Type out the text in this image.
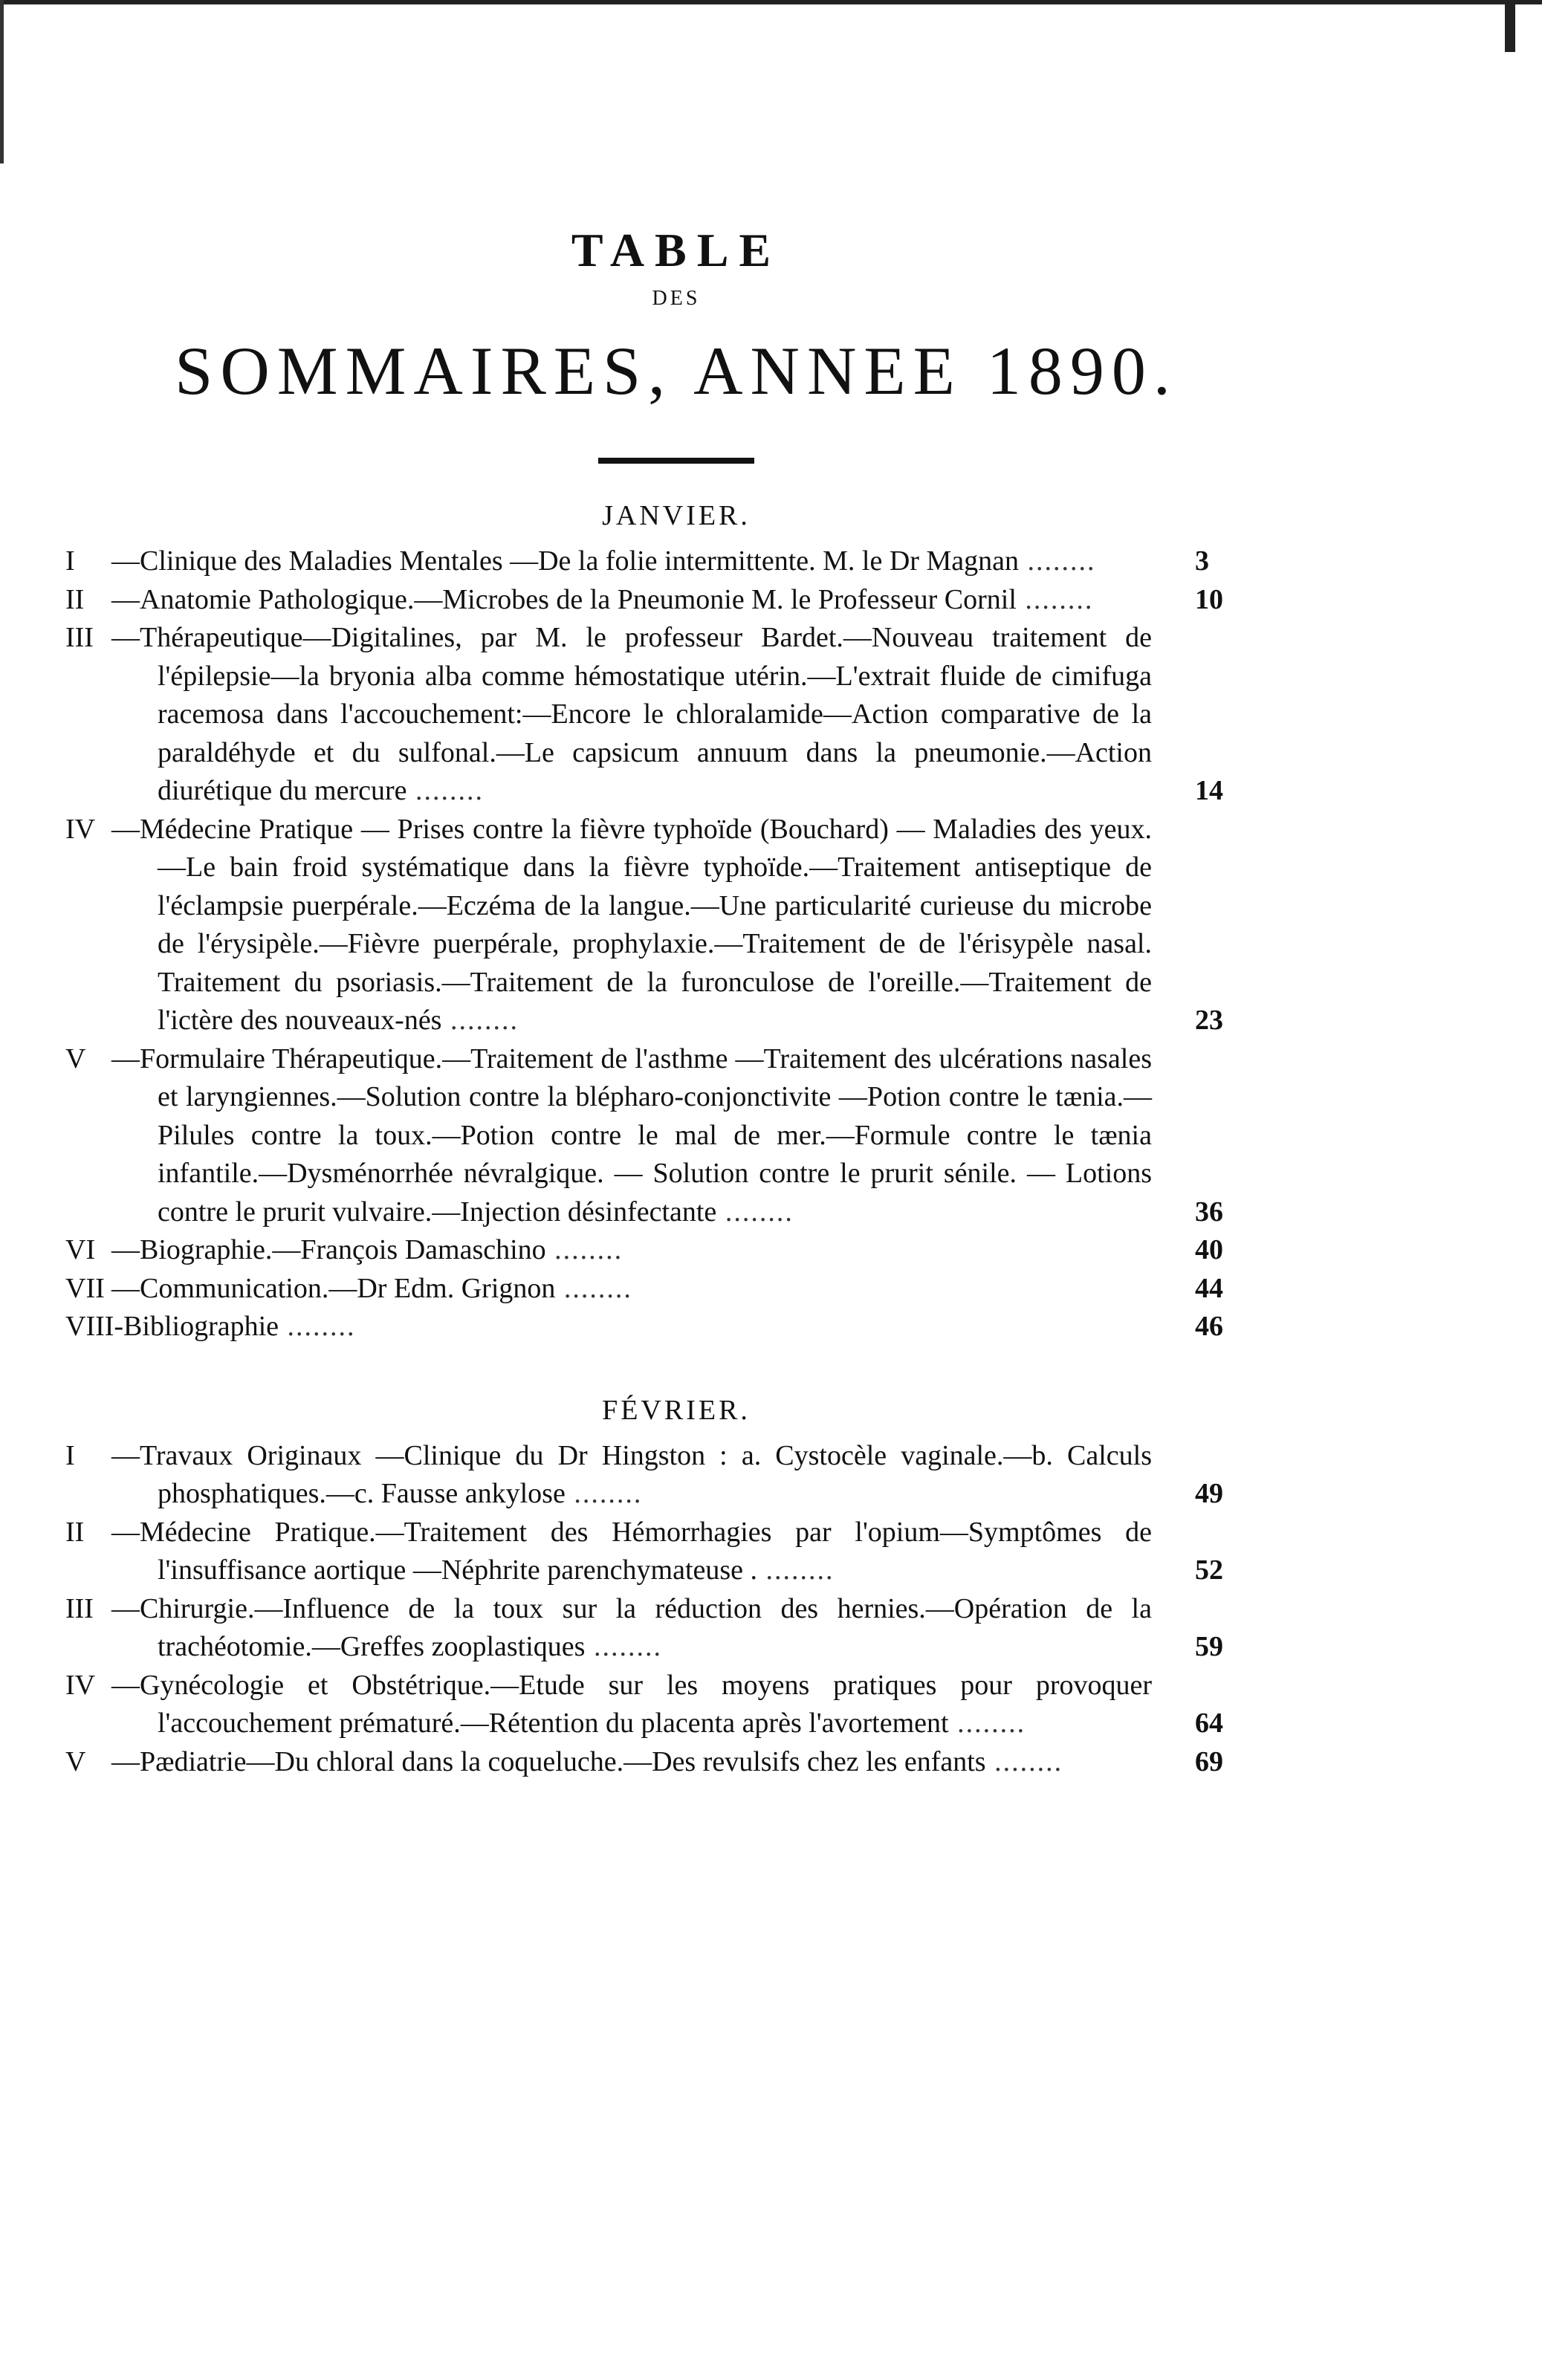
TABLE
DES
SOMMAIRES, ANNEE 1890.
JANVIER.
I —Clinique des Maladies Mentales —De la folie intermittente. M. le Dr Magnan ........	3
II —Anatomie Pathologique.—Microbes de la Pneumonie M. le Professeur Cornil ........	10
III —Thérapeutique—Digitalines, par M. le professeur Bardet.—Nouveau traitement de l'épilepsie—la bryonia alba comme hémostatique utérin.—L'extrait fluide de cimifuga racemosa dans l'accouchement:—Encore le chloralamide—Action comparative de la paraldéhyde et du sulfonal.—Le capsicum annuum dans la pneumonie.—Action diurétique du mercure ........	14
IV —Médecine Pratique — Prises contre la fièvre typhoïde (Bouchard) — Maladies des yeux.—Le bain froid systématique dans la fièvre typhoïde.—Traitement antiseptique de l'éclampsie puerpérale.—Eczéma de la langue.—Une particularité curieuse du microbe de l'érysipèle.—Fièvre puerpérale, prophylaxie.—Traitement de de l'érisypèle nasal. Traitement du psoriasis.—Traitement de la furonculose de l'oreille.—Traitement de l'ictère des nouveaux-nés ........	23
V —Formulaire Thérapeutique.—Traitement de l'asthme —Traitement des ulcérations nasales et laryngiennes.—Solution contre la blépharo-conjonctivite —Potion contre le tænia.—Pilules contre la toux.—Potion contre le mal de mer.—Formule contre le tænia infantile.—Dysménorrhée névralgique. — Solution contre le prurit sénile. — Lotions contre le prurit vulvaire.—Injection désinfectante ........	36
VI —Biographie.—François Damaschino ........	40
VII —Communication.—Dr Edm. Grignon ........	44
VIII-Bibliographie ........	46
FÉVRIER.
I —Travaux Originaux —Clinique du Dr Hingston : a. Cystocèle vaginale.—b. Calculs phosphatiques.—c. Fausse ankylose ........	49
II —Médecine Pratique.—Traitement des Hémorrhagies par l'opium—Symptômes de l'insuffisance aortique —Néphrite parenchymateuse . ........	52
III —Chirurgie.—Influence de la toux sur la réduction des hernies.—Opération de la trachéotomie.—Greffes zooplastiques ........	59
IV —Gynécologie et Obstétrique.—Etude sur les moyens pratiques pour provoquer l'accouchement prématuré.—Rétention du placenta après l'avortement ........	64
V —Pædiatrie—Du chloral dans la coqueluche.—Des revulsifs chez les enfants ........	69
